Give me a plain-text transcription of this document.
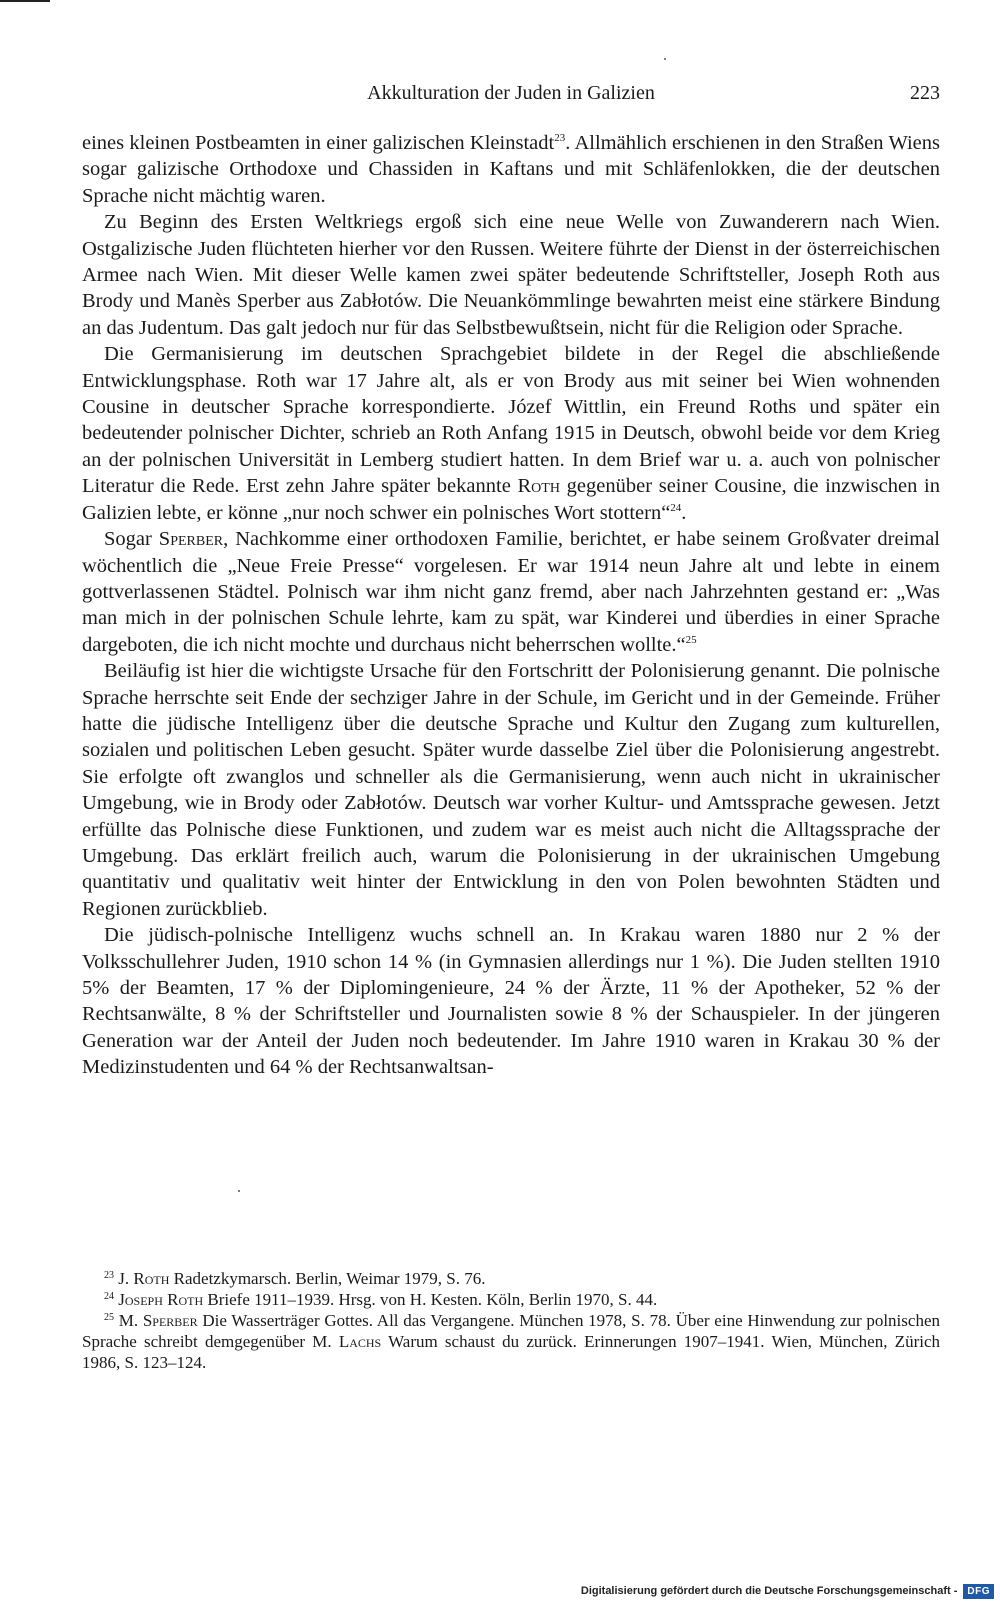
Akkulturation der Juden in Galizien	223

eines kleinen Postbeamten in einer galizischen Kleinstadt$^{23}$. Allmählich erschienen in den Straßen Wiens sogar galizische Orthodoxe und Chassiden in Kaftans und mit Schläfenlokken, die der deutschen Sprache nicht mächtig waren.

Zu Beginn des Ersten Weltkriegs ergoß sich eine neue Welle von Zuwanderern nach Wien. Ostgalizische Juden flüchteten hierher vor den Russen. Weitere führte der Dienst in der österreichischen Armee nach Wien. Mit dieser Welle kamen zwei später bedeutende Schriftsteller, Joseph Roth aus Brody und Manès Sperber aus Zabłotów. Die Neuankömmlinge bewahrten meist eine stärkere Bindung an das Judentum. Das galt jedoch nur für das Selbstbewußtsein, nicht für die Religion oder Sprache.

Die Germanisierung im deutschen Sprachgebiet bildete in der Regel die abschließende Entwicklungsphase. Roth war 17 Jahre alt, als er von Brody aus mit seiner bei Wien wohnenden Cousine in deutscher Sprache korrespondierte. Józef Wittlin, ein Freund Roths und später ein bedeutender polnischer Dichter, schrieb an Roth Anfang 1915 in Deutsch, obwohl beide vor dem Krieg an der polnischen Universität in Lemberg studiert hatten. In dem Brief war u. a. auch von polnischer Literatur die Rede. Erst zehn Jahre später bekannte Roth gegenüber seiner Cousine, die inzwischen in Galizien lebte, er könne „nur noch schwer ein polnisches Wort stottern“$^{24}$.

Sogar Sperber, Nachkomme einer orthodoxen Familie, berichtet, er habe seinem Großvater dreimal wöchentlich die „Neue Freie Presse“ vorgelesen. Er war 1914 neun Jahre alt und lebte in einem gottverlassenen Städtel. Polnisch war ihm nicht ganz fremd, aber nach Jahrzehnten gestand er: „Was man mich in der polnischen Schule lehrte, kam zu spät, war Kinderei und überdies in einer Sprache dargeboten, die ich nicht mochte und durchaus nicht beherrschen wollte.“$^{25}$

Beiläufig ist hier die wichtigste Ursache für den Fortschritt der Polonisierung genannt. Die polnische Sprache herrschte seit Ende der sechziger Jahre in der Schule, im Gericht und in der Gemeinde. Früher hatte die jüdische Intelligenz über die deutsche Sprache und Kultur den Zugang zum kulturellen, sozialen und politischen Leben gesucht. Später wurde dasselbe Ziel über die Polonisierung angestrebt. Sie erfolgte oft zwanglos und schneller als die Germanisierung, wenn auch nicht in ukrainischer Umgebung, wie in Brody oder Zabłotów. Deutsch war vorher Kultur- und Amtssprache gewesen. Jetzt erfüllte das Polnische diese Funktionen, und zudem war es meist auch nicht die Alltagssprache der Umgebung. Das erklärt freilich auch, warum die Polonisierung in der ukrainischen Umgebung quantitativ und qualitativ weit hinter der Entwicklung in den von Polen bewohnten Städten und Regionen zurückblieb.

Die jüdisch-polnische Intelligenz wuchs schnell an. In Krakau waren 1880 nur 2 % der Volksschullehrer Juden, 1910 schon 14 % (in Gymnasien allerdings nur 1 %). Die Juden stellten 1910 5% der Beamten, 17 % der Diplomingenieure, 24 % der Ärzte, 11 % der Apotheker, 52 % der Rechtsanwälte, 8 % der Schriftsteller und Journalisten sowie 8 % der Schauspieler. In der jüngeren Generation war der Anteil der Juden noch bedeutender. Im Jahre 1910 waren in Krakau 30 % der Medizinstudenten und 64 % der Rechtsanwaltsan-

$^{23}$ J. Roth Radetzkymarsch. Berlin, Weimar 1979, S. 76.

$^{24}$ Joseph Roth Briefe 1911–1939. Hrsg. von H. Kesten. Köln, Berlin 1970, S. 44.

$^{25}$ M. Sperber Die Wasserträger Gottes. All das Vergangene. München 1978, S. 78. Über eine Hinwendung zur polnischen Sprache schreibt demgegenüber M. Lachs Warum schaust du zurück. Erinnerungen 1907–1941. Wien, München, Zürich 1986, S. 123–124.

Digitalisierung gefördert durch die Deutsche Forschungsgemeinschaft -	DFG
